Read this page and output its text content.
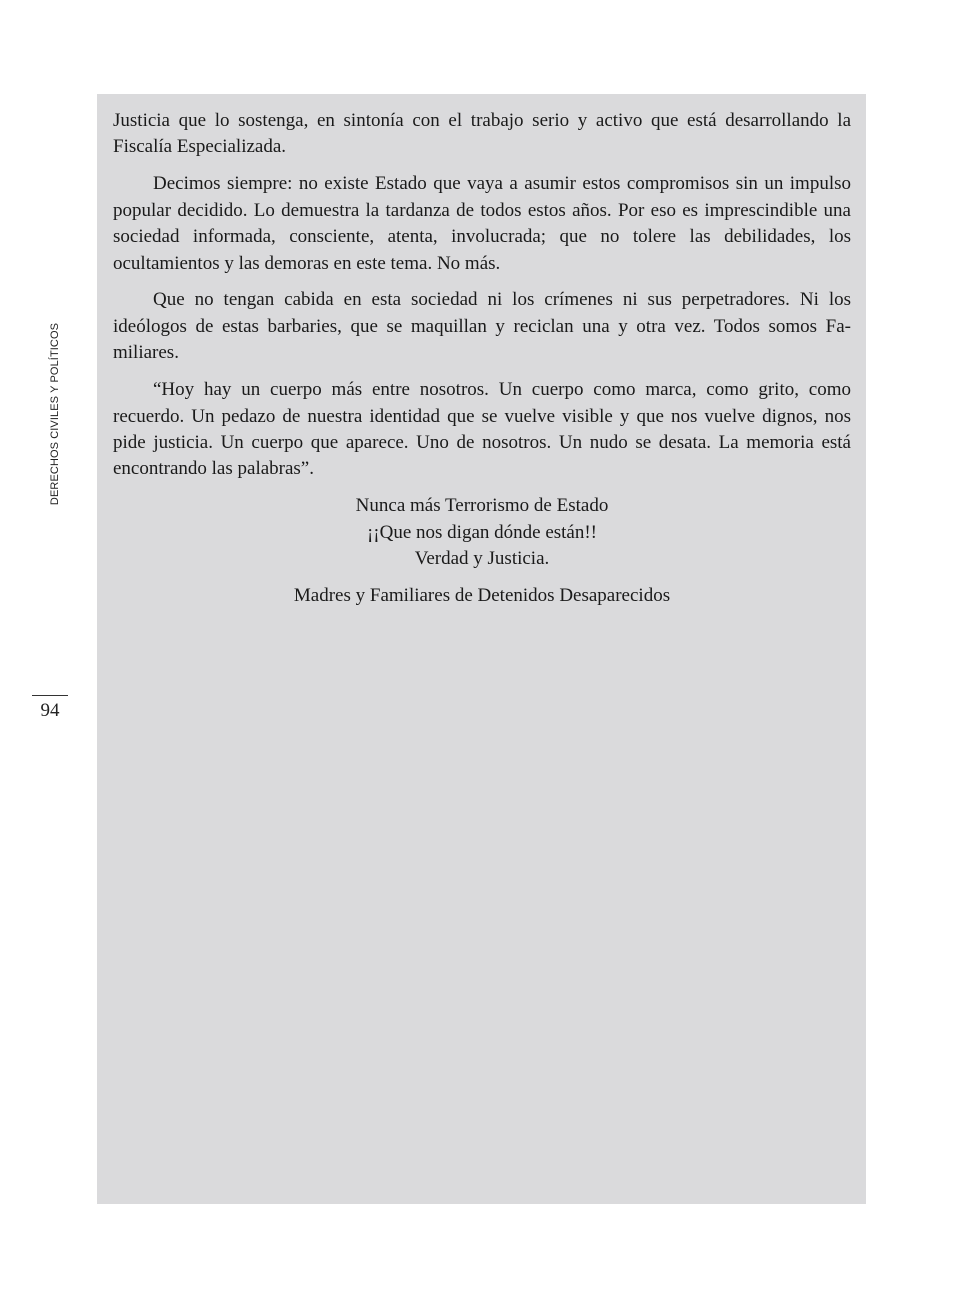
DERECHOS CIVILES Y POLÍTICOS
94

Justicia que lo sostenga, en sintonía con el trabajo serio y activo que está desarrollando la Fiscalía Especializada.

Decimos siempre: no existe Estado que vaya a asumir estos compromisos sin un impulso popular decidido. Lo demuestra la tardanza de todos estos años. Por eso es imprescindible una sociedad informada, consciente, atenta, involucrada; que no tolere las debilidades, los ocultamientos y las demoras en este tema. No más.

Que no tengan cabida en esta sociedad ni los crímenes ni sus perpetradores. Ni los ideólogos de estas barbaries, que se maquillan y reciclan una y otra vez. Todos somos Familiares.

“Hoy hay un cuerpo más entre nosotros. Un cuerpo como marca, como grito, como recuerdo. Un pedazo de nuestra identidad que se vuelve visible y que nos vuelve dignos, nos pide justicia. Un cuerpo que aparece. Uno de nosotros. Un nudo se desata. La memoria está encontrando las palabras”.

Nunca más Terrorismo de Estado
¡¡Que nos digan dónde están!!
Verdad y Justicia.
Madres y Familiares de Detenidos Desaparecidos
